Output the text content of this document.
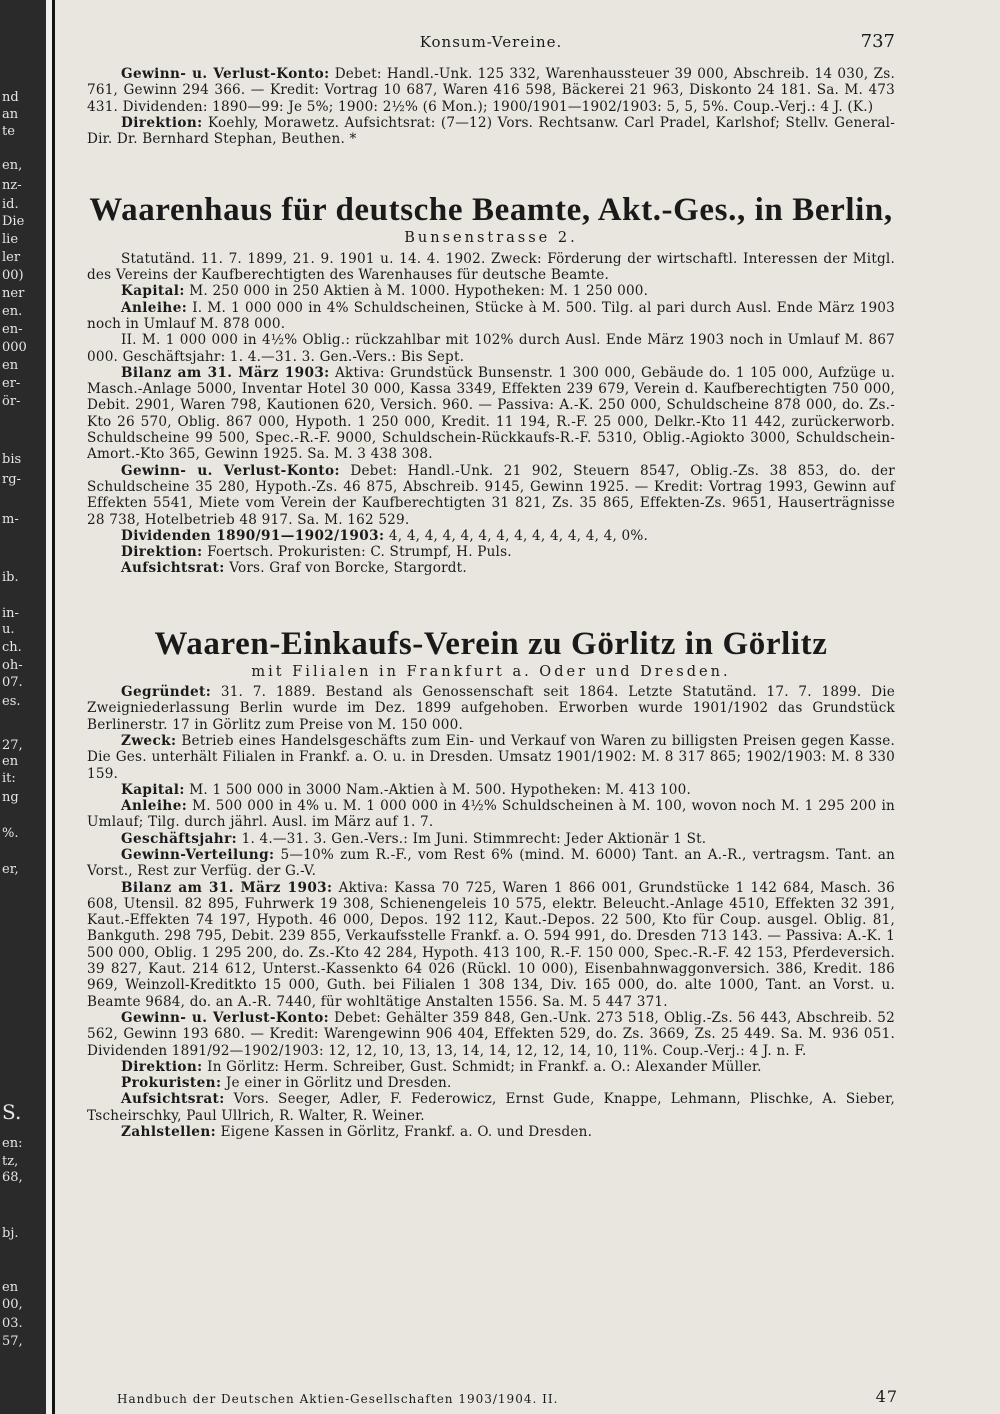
nd
an
te
en,
nz-
id.
Die
lie
ler
00)
ner
en.
en-
000
en
er-
ör-
bis
rg-
m-
ib.
in-
u.
ch.
oh-
07.
es.
27,
en
it:
ng
%.
er,
S.
en:
tz,
68,
bj.
en
00,
03.
57,
Konsum-Vereine.	737

Gewinn- u. Verlust-Konto: Debet: Handl.-Unk. 125 332, Warenhaussteuer 39 000, Abschreib. 14 030, Zs. 761, Gewinn 294 366. — Kredit: Vortrag 10 687, Waren 416 598, Bäckerei 21 963, Diskonto 24 181. Sa. M. 473 431. Dividenden: 1890—99: Je 5%; 1900: 2½% (6 Mon.); 1900/1901—1902/1903: 5, 5, 5%. Coup.-Verj.: 4 J. (K.)

Direktion: Koehly, Morawetz. Aufsichtsrat: (7—12) Vors. Rechtsanw. Carl Pradel, Karlshof; Stellv. General-Dir. Dr. Bernhard Stephan, Beuthen. *

Waarenhaus für deutsche Beamte, Akt.-Ges., in Berlin,
Bunsenstrasse 2.

Statutänd. 11. 7. 1899, 21. 9. 1901 u. 14. 4. 1902. Zweck: Förderung der wirtschaftl. Interessen der Mitgl. des Vereins der Kaufberechtigten des Warenhauses für deutsche Beamte.

Kapital: M. 250 000 in 250 Aktien à M. 1000. Hypotheken: M. 1 250 000.

Anleihe: I. M. 1 000 000 in 4% Schuldscheinen, Stücke à M. 500. Tilg. al pari durch Ausl. Ende März 1903 noch in Umlauf M. 878 000.

II. M. 1 000 000 in 4½% Oblig.: rückzahlbar mit 102% durch Ausl. Ende März 1903 noch in Umlauf M. 867 000. Geschäftsjahr: 1. 4.—31. 3. Gen.-Vers.: Bis Sept.

Bilanz am 31. März 1903: Aktiva: Grundstück Bunsenstr. 1 300 000, Gebäude do. 1 105 000, Aufzüge u. Masch.-Anlage 5000, Inventar Hotel 30 000, Kassa 3349, Effekten 239 679, Verein d. Kaufberechtigten 750 000, Debit. 2901, Waren 798, Kautionen 620, Versich. 960. — Passiva: A.-K. 250 000, Schuldscheine 878 000, do. Zs.-Kto 26 570, Oblig. 867 000, Hypoth. 1 250 000, Kredit. 11 194, R.-F. 25 000, Delkr.-Kto 11 442, zurückerworb. Schuldscheine 99 500, Spec.-R.-F. 9000, Schuldschein-Rückkaufs-R.-F. 5310, Oblig.-Agiokto 3000, Schuldschein-Amort.-Kto 365, Gewinn 1925. Sa. M. 3 438 308.

Gewinn- u. Verlust-Konto: Debet: Handl.-Unk. 21 902, Steuern 8547, Oblig.-Zs. 38 853, do. der Schuldscheine 35 280, Hypoth.-Zs. 46 875, Abschreib. 9145, Gewinn 1925. — Kredit: Vortrag 1993, Gewinn auf Effekten 5541, Miete vom Verein der Kaufberechtigten 31 821, Zs. 35 865, Effekten-Zs. 9651, Hauserträgnisse 28 738, Hotelbetrieb 48 917. Sa. M. 162 529.

Dividenden 1890/91—1902/1903: 4, 4, 4, 4, 4, 4, 4, 4, 4, 4, 4, 4, 4, 0%.

Direktion: Foertsch. Prokuristen: C. Strumpf, H. Puls.

Aufsichtsrat: Vors. Graf von Borcke, Stargordt.

Waaren-Einkaufs-Verein zu Görlitz in Görlitz
mit Filialen in Frankfurt a. Oder und Dresden.

Gegründet: 31. 7. 1889. Bestand als Genossenschaft seit 1864. Letzte Statutänd. 17. 7. 1899. Die Zweigniederlassung Berlin wurde im Dez. 1899 aufgehoben. Erworben wurde 1901/1902 das Grundstück Berlinerstr. 17 in Görlitz zum Preise von M. 150 000.

Zweck: Betrieb eines Handelsgeschäfts zum Ein- und Verkauf von Waren zu billigsten Preisen gegen Kasse. Die Ges. unterhält Filialen in Frankf. a. O. u. in Dresden. Umsatz 1901/1902: M. 8 317 865; 1902/1903: M. 8 330 159.

Kapital: M. 1 500 000 in 3000 Nam.-Aktien à M. 500. Hypotheken: M. 413 100.

Anleihe: M. 500 000 in 4% u. M. 1 000 000 in 4½% Schuldscheinen à M. 100, wovon noch M. 1 295 200 in Umlauf; Tilg. durch jährl. Ausl. im März auf 1. 7.

Geschäftsjahr: 1. 4.—31. 3. Gen.-Vers.: Im Juni. Stimmrecht: Jeder Aktionär 1 St.

Gewinn-Verteilung: 5—10% zum R.-F., vom Rest 6% (mind. M. 6000) Tant. an A.-R., vertragsm. Tant. an Vorst., Rest zur Verfüg. der G.-V.

Bilanz am 31. März 1903: Aktiva: Kassa 70 725, Waren 1 866 001, Grundstücke 1 142 684, Masch. 36 608, Utensil. 82 895, Fuhrwerk 19 308, Schienengeleis 10 575, elektr. Beleucht.-Anlage 4510, Effekten 32 391, Kaut.-Effekten 74 197, Hypoth. 46 000, Depos. 192 112, Kaut.-Depos. 22 500, Kto für Coup. ausgel. Oblig. 81, Bankguth. 298 795, Debit. 239 855, Verkaufsstelle Frankf. a. O. 594 991, do. Dresden 713 143. — Passiva: A.-K. 1 500 000, Oblig. 1 295 200, do. Zs.-Kto 42 284, Hypoth. 413 100, R.-F. 150 000, Spec.-R.-F. 42 153, Pferdeversich. 39 827, Kaut. 214 612, Unterst.-Kassenkto 64 026 (Rückl. 10 000), Eisenbahnwaggonversich. 386, Kredit. 186 969, Weinzoll-Kreditkto 15 000, Guth. bei Filialen 1 308 134, Div. 165 000, do. alte 1000, Tant. an Vorst. u. Beamte 9684, do. an A.-R. 7440, für wohltätige Anstalten 1556. Sa. M. 5 447 371.

Gewinn- u. Verlust-Konto: Debet: Gehälter 359 848, Gen.-Unk. 273 518, Oblig.-Zs. 56 443, Abschreib. 52 562, Gewinn 193 680. — Kredit: Warengewinn 906 404, Effekten 529, do. Zs. 3669, Zs. 25 449. Sa. M. 936 051. Dividenden 1891/92—1902/1903: 12, 12, 10, 13, 13, 14, 14, 12, 12, 14, 10, 11%. Coup.-Verj.: 4 J. n. F.

Direktion: In Görlitz: Herm. Schreiber, Gust. Schmidt; in Frankf. a. O.: Alexander Müller.

Prokuristen: Je einer in Görlitz und Dresden.

Aufsichtsrat: Vors. Seeger, Adler, F. Federowicz, Ernst Gude, Knappe, Lehmann, Plischke, A. Sieber, Tscheirschky, Paul Ullrich, R. Walter, R. Weiner.

Zahlstellen: Eigene Kassen in Görlitz, Frankf. a. O. und Dresden.

Handbuch der Deutschen Aktien-Gesellschaften 1903/1904. II.	47
